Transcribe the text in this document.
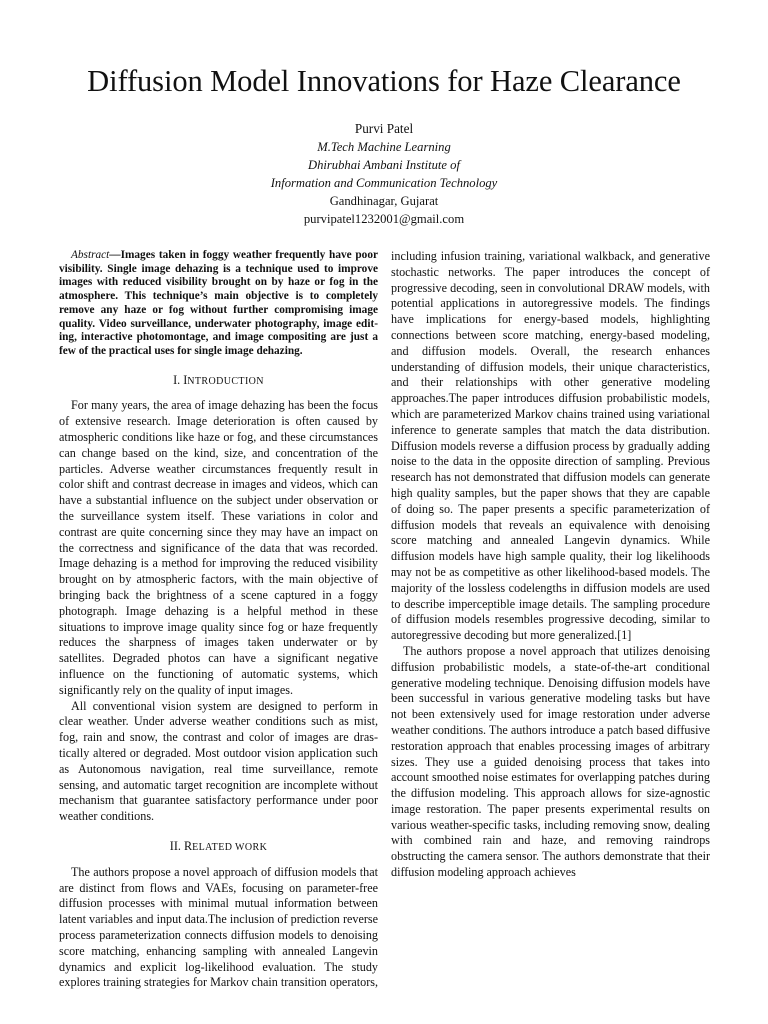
Diffusion Model Innovations for Haze Clearance
Purvi Patel
M.Tech Machine Learning
Dhirubhai Ambani Institute of
Information and Communication Technology
Gandhinagar, Gujarat
purvipatel1232001@gmail.com

Abstract—Images taken in foggy weather frequently have poor visibility. Single image dehazing is a technique used to improve images with reduced visibility brought on by haze or fog in the atmosphere. This technique’s main objective is to completely remove any haze or fog without further compromising image quality. Video surveillance, underwater photography, image editing, interactive photomontage, and image compositing are just a few of the practical uses for single image dehazing.

I. INTRODUCTION

For many years, the area of image dehazing has been the focus of extensive research. Image deterioration is often caused by atmospheric conditions like haze or fog, and these circumstances can change based on the kind, size, and concentration of the particles. Adverse weather circumstances frequently result in color shift and contrast decrease in images and videos, which can have a substantial influence on the subject under observation or the surveillance system itself. These variations in color and contrast are quite concerning since they may have an impact on the correctness and significance of the data that was recorded. Image dehazing is a method for improving the reduced visibility brought on by atmospheric factors, with the main objective of bringing back the brightness of a scene captured in a foggy photograph. Image dehazing is a helpful method in these situations to improve image quality since fog or haze frequently reduces the sharpness of images taken underwater or by satellites. Degraded photos can have a significant negative influence on the functioning of automatic systems, which significantly rely on the quality of input images.

All conventional vision system are designed to perform in clear weather. Under adverse weather conditions such as mist, fog, rain and snow, the contrast and color of images are drastically altered or degraded. Most outdoor vision application such as Autonomous navigation, real time surveillance, remote sensing, and automatic target recognition are incomplete without mechanism that guarantee satisfactory performance under poor weather conditions.

II. RELATED WORK

The authors propose a novel approach of diffusion models that are distinct from flows and VAEs, focusing on parameter-free diffusion processes with minimal mutual information between latent variables and input data.The inclusion of prediction reverse process parameterization connects diffusion models to denoising score matching, enhancing sampling with annealed Langevin dynamics and explicit log-likelihood evaluation. The study explores training strategies for Markov chain transition operators,

including infusion training, variational walkback, and generative stochastic networks. The paper introduces the concept of progressive decoding, seen in convolutional DRAW models, with potential applications in autoregressive models. The findings have implications for energy-based models, highlighting connections between score matching, energy-based modeling, and diffusion models. Overall, the research enhances understanding of diffusion models, their unique characteristics, and their relationships with other generative modeling approaches.The paper introduces diffusion probabilistic models, which are parameterized Markov chains trained using variational inference to generate samples that match the data distribution. Diffusion models reverse a diffusion process by gradually adding noise to the data in the opposite direction of sampling. Previous research has not demonstrated that diffusion models can generate high quality samples, but the paper shows that they are capable of doing so. The paper presents a specific parameterization of diffusion models that reveals an equivalence with denoising score matching and annealed Langevin dynamics. While diffusion models have high sample quality, their log likelihoods may not be as competitive as other likelihood-based models. The majority of the lossless codelengths in diffusion models are used to describe imperceptible image details. The sampling procedure of diffusion models resembles progressive decoding, similar to autoregressive decoding but more generalized.[1]

The authors propose a novel approach that utilizes denoising diffusion probabilistic models, a state-of-the-art conditional generative modeling technique. Denoising diffusion models have been successful in various generative modeling tasks but have not been extensively used for image restoration under adverse weather conditions. The authors introduce a patch based diffusive restoration approach that enables processing images of arbitrary sizes. They use a guided denoising process that takes into account smoothed noise estimates for overlapping patches during the diffusion modeling. This approach allows for size-agnostic image restoration. The paper presents experimental results on various weather-specific tasks, including removing snow, dealing with combined rain and haze, and removing raindrops obstructing the camera sensor. The authors demonstrate that their diffusion modeling approach achieves
